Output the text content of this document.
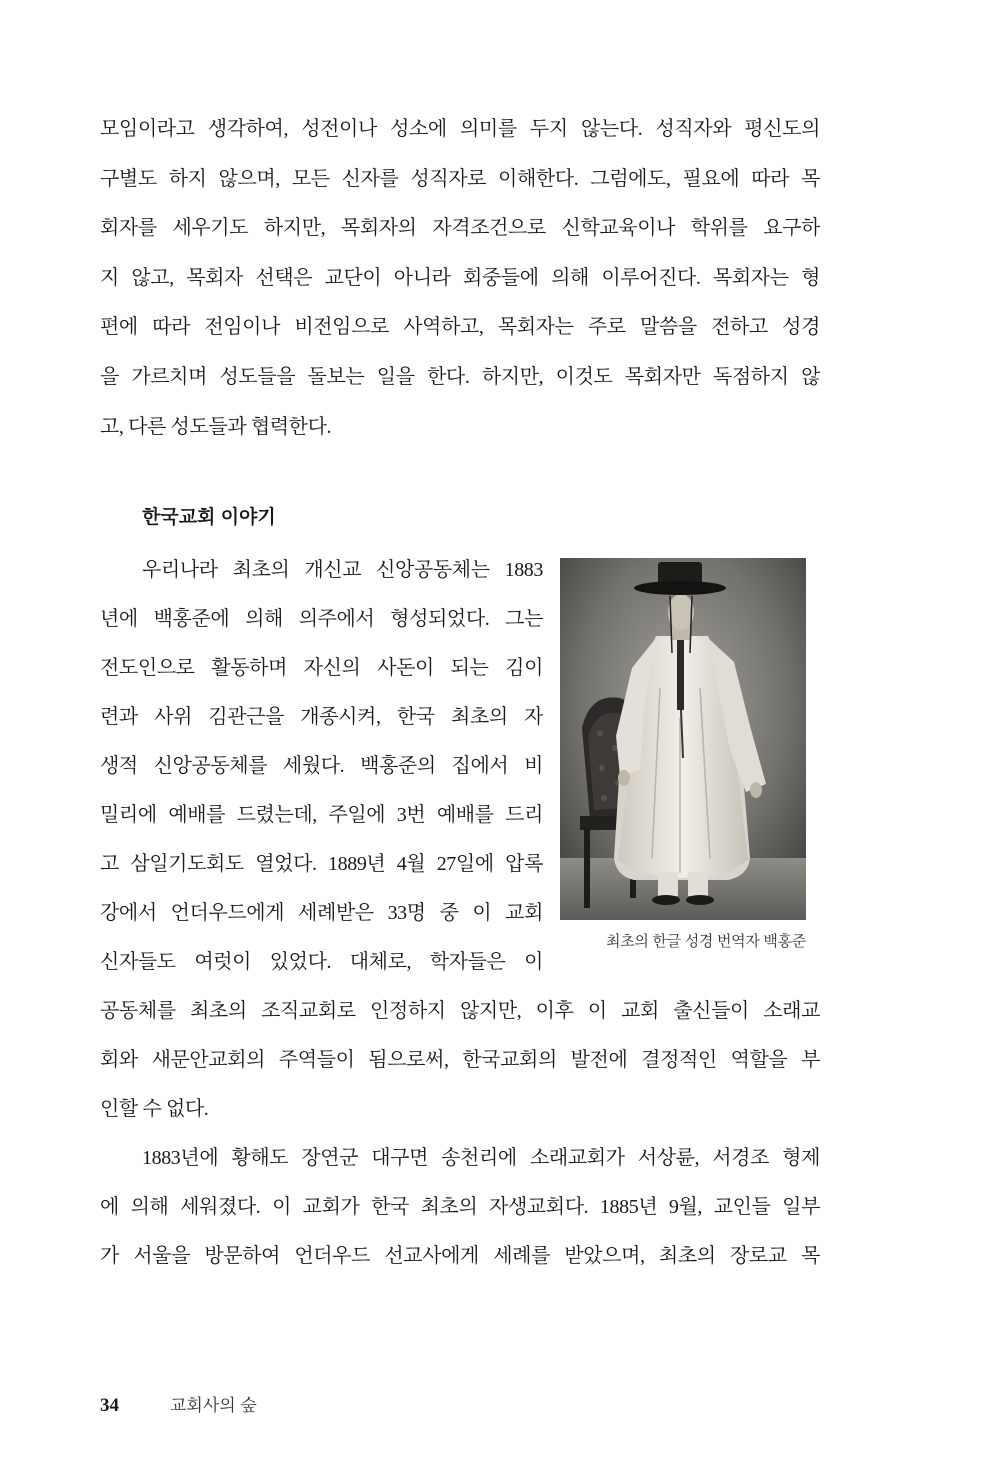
모임이라고 생각하여, 성전이나 성소에 의미를 두지 않는다. 성직자와 평신도의
구별도 하지 않으며, 모든 신자를 성직자로 이해한다. 그럼에도, 필요에 따라 목
회자를 세우기도 하지만, 목회자의 자격조건으로 신학교육이나 학위를 요구하
지 않고, 목회자 선택은 교단이 아니라 회중들에 의해 이루어진다. 목회자는 형
편에 따라 전임이나 비전임으로 사역하고, 목회자는 주로 말씀을 전하고 성경
을 가르치며 성도들을 돌보는 일을 한다. 하지만, 이것도 목회자만 독점하지 않
고, 다른 성도들과 협력한다.
한국교회 이야기
우리나라 최초의 개신교 신앙공동체는 1883
년에 백홍준에 의해 의주에서 형성되었다. 그는
전도인으로 활동하며 자신의 사돈이 되는 김이
련과 사위 김관근을 개종시켜, 한국 최초의 자
생적 신앙공동체를 세웠다. 백홍준의 집에서 비
밀리에 예배를 드렸는데, 주일에 3번 예배를 드리
고 삼일기도회도 열었다. 1889년 4월 27일에 압록
강에서 언더우드에게 세례받은 33명 중 이 교회
신자들도 여럿이 있었다. 대체로, 학자들은 이
공동체를 최초의 조직교회로 인정하지 않지만, 이후 이 교회 출신들이 소래교
회와 새문안교회의 주역들이 됨으로써, 한국교회의 발전에 결정적인 역할을 부
인할 수 없다.
1883년에 황해도 장연군 대구면 송천리에 소래교회가 서상륜, 서경조 형제
에 의해 세워졌다. 이 교회가 한국 최초의 자생교회다. 1885년 9월, 교인들 일부
가 서울을 방문하여 언더우드 선교사에게 세례를 받았으며, 최초의 장로교 목
최초의 한글 성경 번역자 백홍준
34	교회사의 숲
